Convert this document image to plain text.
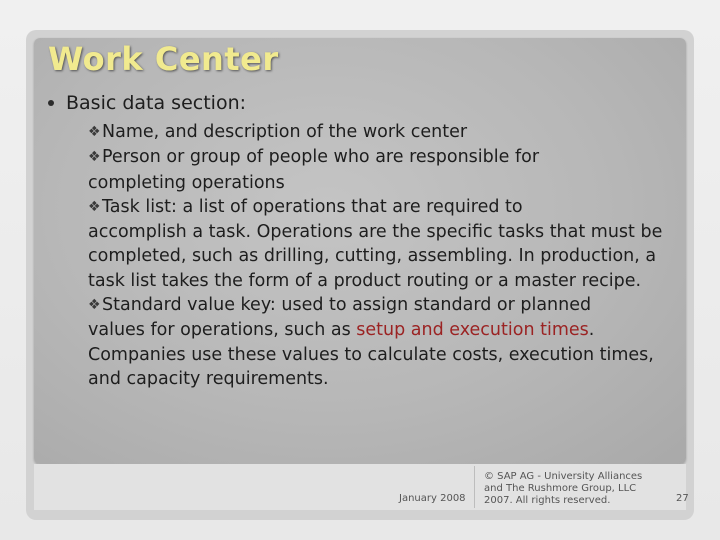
Work Center
Basic data section:
❖Name, and description of the work center
❖Person or group of people who are responsible for
completing operations
❖Task list: a list of operations that are required to
accomplish a task. Operations are the specific tasks that must be completed, such as drilling, cutting, assembling. In production, a task list takes the form of a product routing or a master recipe.
❖Standard value key: used to assign standard or planned
values for operations, such as setup and execution times. Companies use these values to calculate costs, execution times, and capacity requirements.
January 2008
© SAP AG - University Alliances and The Rushmore Group, LLC 2007. All rights reserved.	27
